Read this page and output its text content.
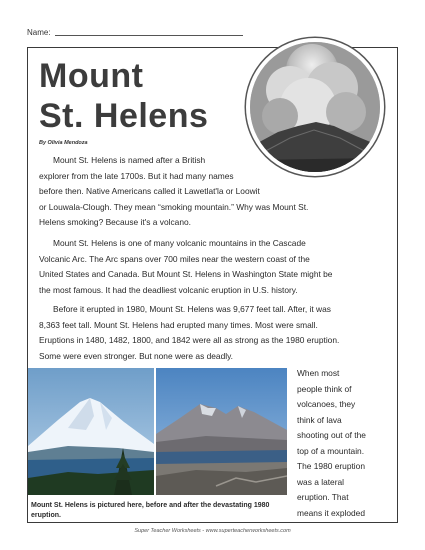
Name:
Mount
St. Helens
By Olivia Mendoza

Mount St. Helens is named after a British
explorer from the late 1700s. But it had many names
before then. Native Americans called it Lawetlat'la or Loowit
or Louwala-Clough. They mean “smoking mountain.” Why was Mount St.
Helens smoking? Because it's a volcano.

Mount St. Helens is one of many volcanic mountains in the Cascade
Volcanic Arc. The Arc spans over 700 miles near the western coast of the
United States and Canada. But Mount St. Helens in Washington State might be
the most famous. It had the deadliest volcanic eruption in U.S. history.

Before it erupted in 1980, Mount St. Helens was 9,677 feet tall. After, it was
8,363 feet tall. Mount St. Helens had erupted many times. Most were small.
Eruptions in 1480, 1482, 1800, and 1842 were all as strong as the 1980 eruption.
Some were even stronger. But none were as deadly.

Mount St. Helens is pictured here, before and after the devastating 1980 eruption.

When most
people think of
volcanoes, they
think of lava
shooting out of the
top of a mountain.
The 1980 eruption
was a lateral
eruption. That
means it exploded

Super Teacher Worksheets - www.superteacherworksheets.com
